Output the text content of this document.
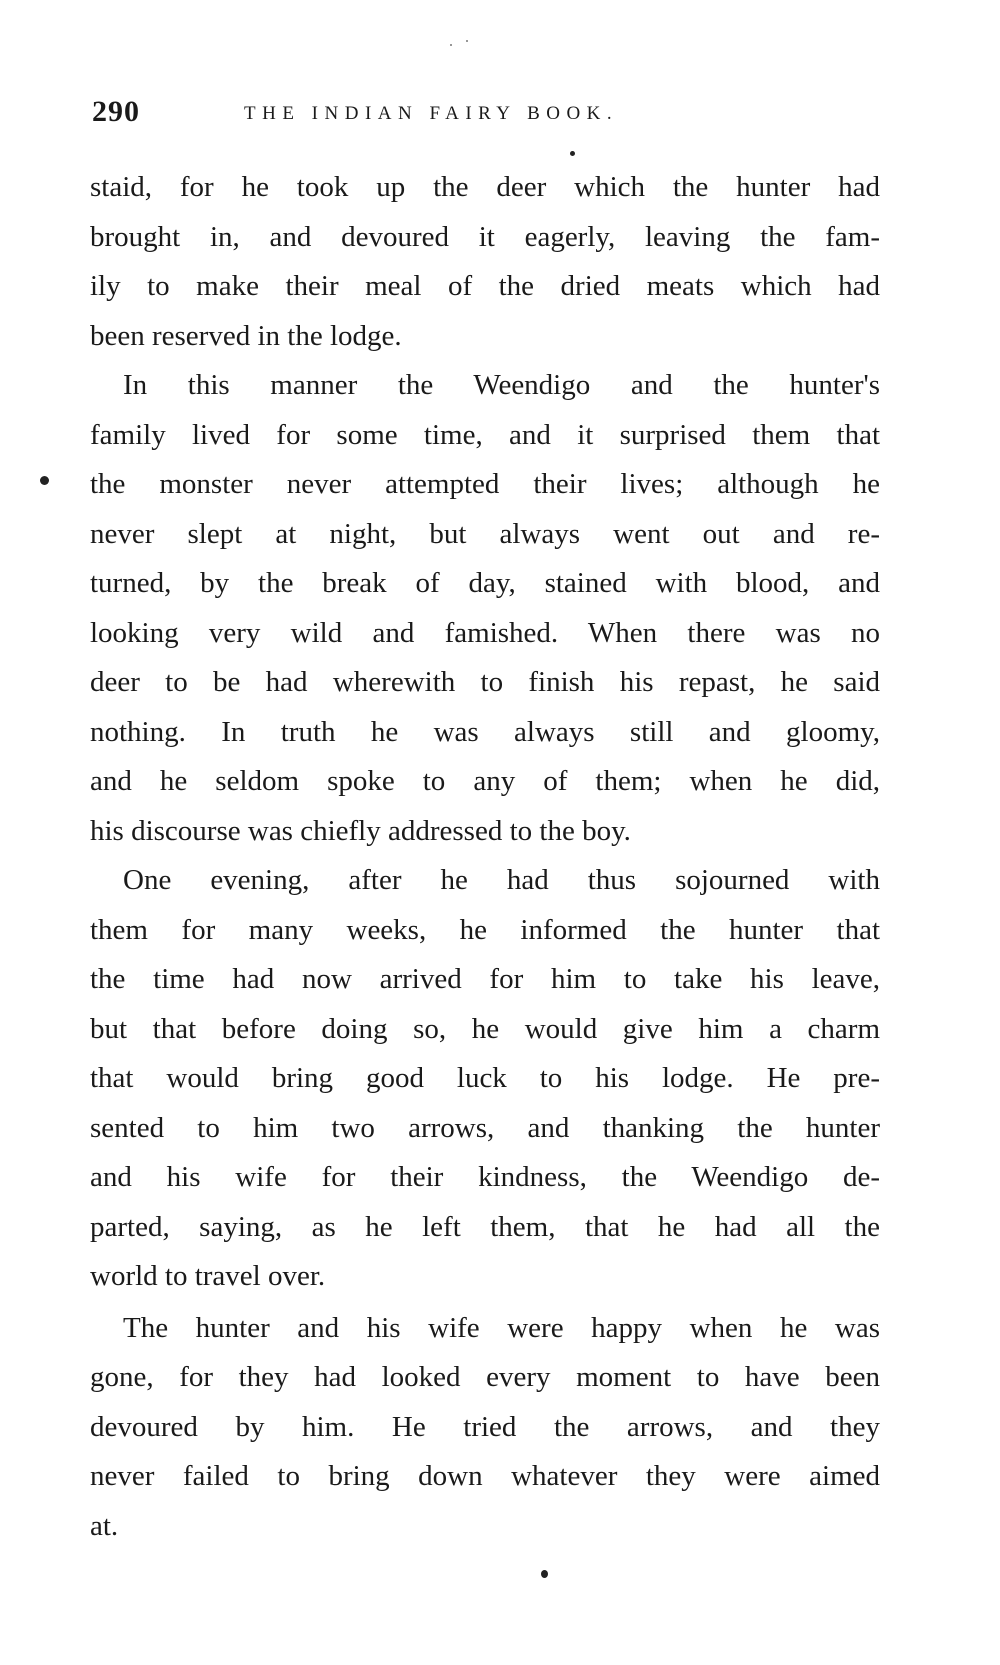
290	THE INDIAN FAIRY BOOK.
staid, for he took up the deer which the hunter had
brought in, and devoured it eagerly, leaving the fam-
ily to make their meal of the dried meats which had
been reserved in the lodge.
In this manner the Weendigo and the hunter's
family lived for some time, and it surprised them that
the monster never attempted their lives; although he
never slept at night, but always went out and re-
turned, by the break of day, stained with blood, and
looking very wild and famished. When there was no
deer to be had wherewith to finish his repast, he said
nothing. In truth he was always still and gloomy,
and he seldom spoke to any of them; when he did,
his discourse was chiefly addressed to the boy.
One evening, after he had thus sojourned with
them for many weeks, he informed the hunter that
the time had now arrived for him to take his leave,
but that before doing so, he would give him a charm
that would bring good luck to his lodge. He pre-
sented to him two arrows, and thanking the hunter
and his wife for their kindness, the Weendigo de-
parted, saying, as he left them, that he had all the
world to travel over.
The hunter and his wife were happy when he was
gone, for they had looked every moment to have been
devoured by him. He tried the arrows, and they
never failed to bring down whatever they were aimed
at.
